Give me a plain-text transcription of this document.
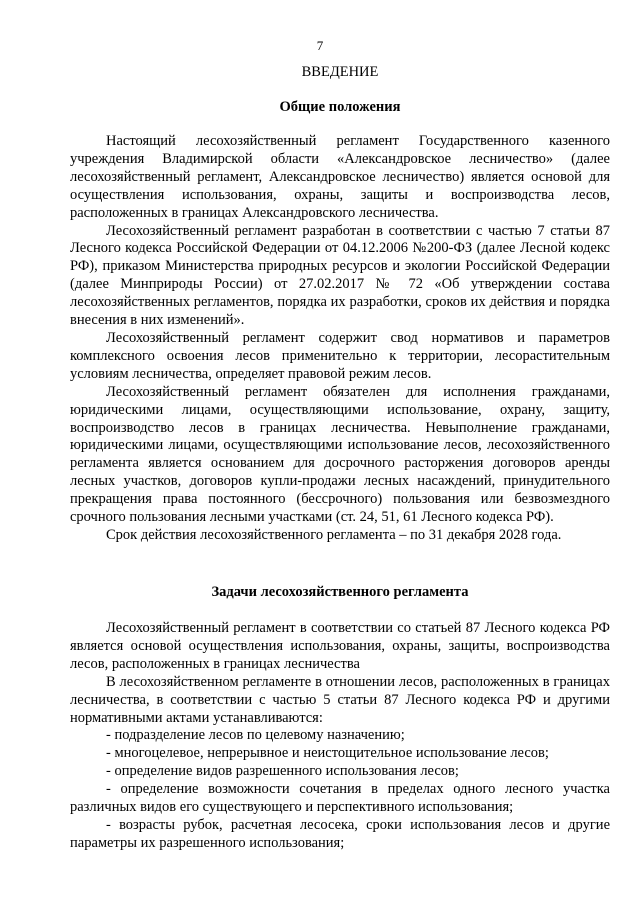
7
ВВЕДЕНИЕ
Общие положения

Настоящий лесохозяйственный регламент Государственного казенного учреждения Владимирской области «Александровское лесничество» (далее лесохозяйственный регламент, Александровское лесничество) является основой для осуществления использования, охраны, защиты и воспроизводства лесов, расположенных в границах Александровского лесничества.

Лесохозяйственный регламент разработан в соответствии с частью 7 статьи 87 Лесного кодекса Российской Федерации от 04.12.2006 №200-ФЗ (далее Лесной кодекс РФ), приказом Министерства природных ресурсов и экологии Российской Федерации (далее Минприроды России) от 27.02.2017 № 72 «Об утверждении состава лесохозяйственных регламентов, порядка их разработки, сроков их действия и порядка внесения в них изменений».

Лесохозяйственный регламент содержит свод нормативов и параметров комплексного освоения лесов применительно к территории, лесорастительным условиям лесничества, определяет правовой режим лесов.

Лесохозяйственный регламент обязателен для исполнения гражданами, юридическими лицами, осуществляющими использование, охрану, защиту, воспроизводство лесов в границах лесничества. Невыполнение гражданами, юридическими лицами, осуществляющими использование лесов, лесохозяйственного регламента является основанием для досрочного расторжения договоров аренды лесных участков, договоров купли-продажи лесных насаждений, принудительного прекращения права постоянного (бессрочного) пользования или безвозмездного срочного пользования лесными участками (ст. 24, 51, 61 Лесного кодекса РФ).

Срок действия лесохозяйственного регламента – по 31 декабря 2028 года.

Задачи лесохозяйственного регламента

Лесохозяйственный регламент в соответствии со статьей 87 Лесного кодекса РФ является основой осуществления использования, охраны, защиты, воспроизводства лесов, расположенных в границах лесничества

В лесохозяйственном регламенте в отношении лесов, расположенных в границах лесничества, в соответствии с частью 5 статьи 87 Лесного кодекса РФ и другими нормативными актами устанавливаются:

- подразделение лесов по целевому назначению;

- многоцелевое, непрерывное и неистощительное использование лесов;

- определение видов разрешенного использования лесов;

- определение возможности сочетания в пределах одного лесного участка различных видов его существующего и перспективного использования;

- возрасты рубок, расчетная лесосека, сроки использования лесов и другие параметры их разрешенного использования;
